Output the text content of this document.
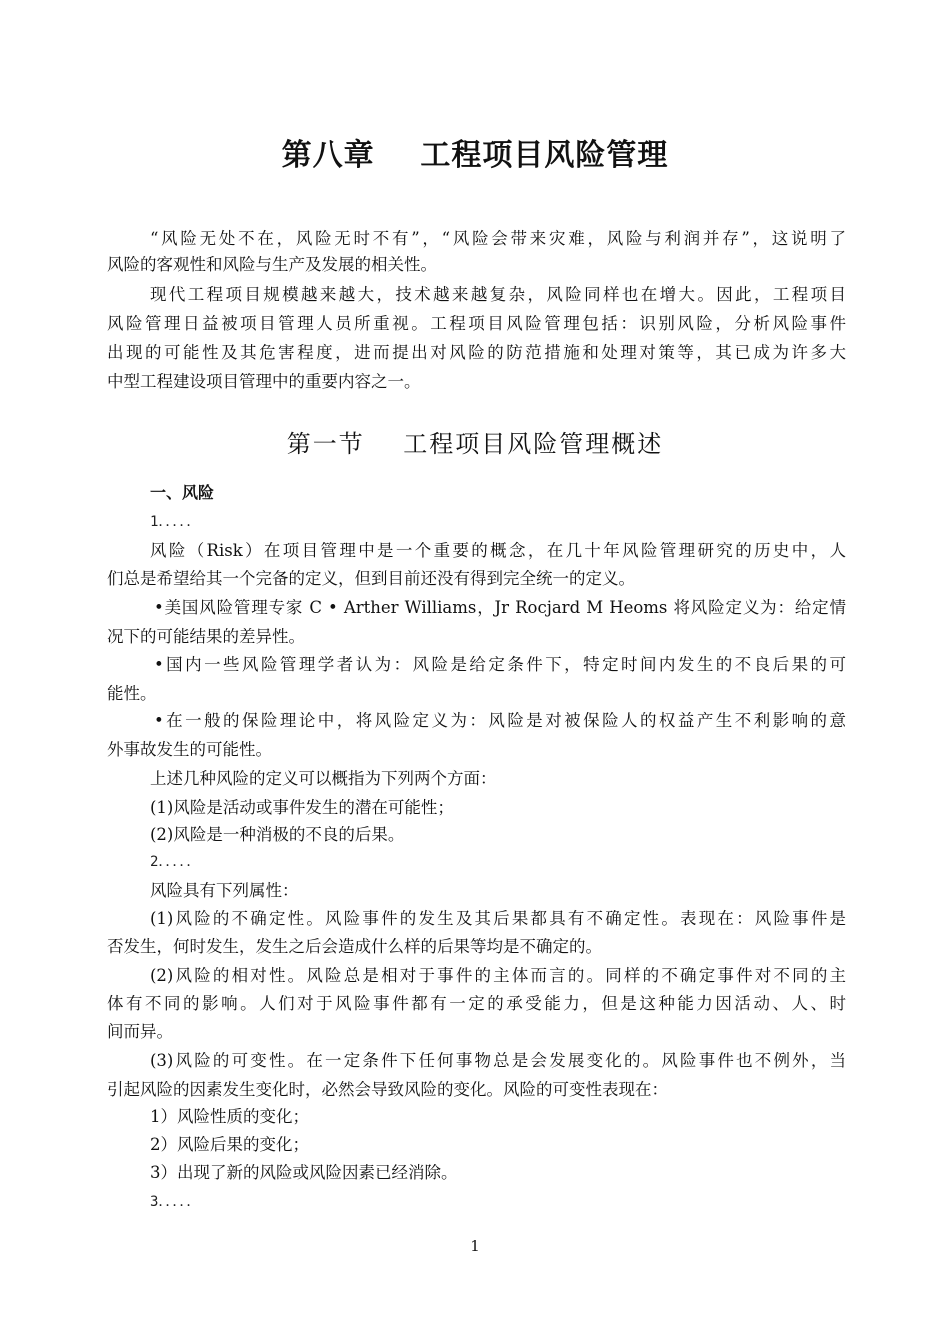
第八章    工程项目风险管理
“风险无处不在，风险无时不有”，“风险会带来灾难，风险与利润并存”，这说明了
风险的客观性和风险与生产及发展的相关性。
现代工程项目规模越来越大，技术越来越复杂，风险同样也在增大。因此，工程项目
风险管理日益被项目管理人员所重视。工程项目风险管理包括：识别风险，分析风险事件
出现的可能性及其危害程度，进而提出对风险的防范措施和处理对策等，其已成为许多大
中型工程建设项目管理中的重要内容之一。
第一节    工程项目风险管理概述
一、风险
1．．．．．
风险（Risk）在项目管理中是一个重要的概念，在几十年风险管理研究的历史中，人
们总是希望给其一个完备的定义，但到目前还没有得到完全统一的定义。
•美国风险管理专家 C • Arther Williams，Jr Rocjard M Heoms 将风险定义为：给定情
况下的可能结果的差异性。
•国内一些风险管理学者认为：风险是给定条件下，特定时间内发生的不良后果的可
能性。
•在一般的保险理论中，将风险定义为：风险是对被保险人的权益产生不利影响的意
外事故发生的可能性。
上述几种风险的定义可以概指为下列两个方面：
(1)风险是活动或事件发生的潜在可能性；
(2)风险是一种消极的不良的后果。
2．．．．．
风险具有下列属性：
(1)风险的不确定性。风险事件的发生及其后果都具有不确定性。表现在：风险事件是
否发生，何时发生，发生之后会造成什么样的后果等均是不确定的。
(2)风险的相对性。风险总是相对于事件的主体而言的。同样的不确定事件对不同的主
体有不同的影响。人们对于风险事件都有一定的承受能力，但是这种能力因活动、人、时
间而异。
(3)风险的可变性。在一定条件下任何事物总是会发展变化的。风险事件也不例外，当
引起风险的因素发生变化时，必然会导致风险的变化。风险的可变性表现在：
1）风险性质的变化；
2）风险后果的变化；
3）出现了新的风险或风险因素已经消除。
3．．．．．
1
